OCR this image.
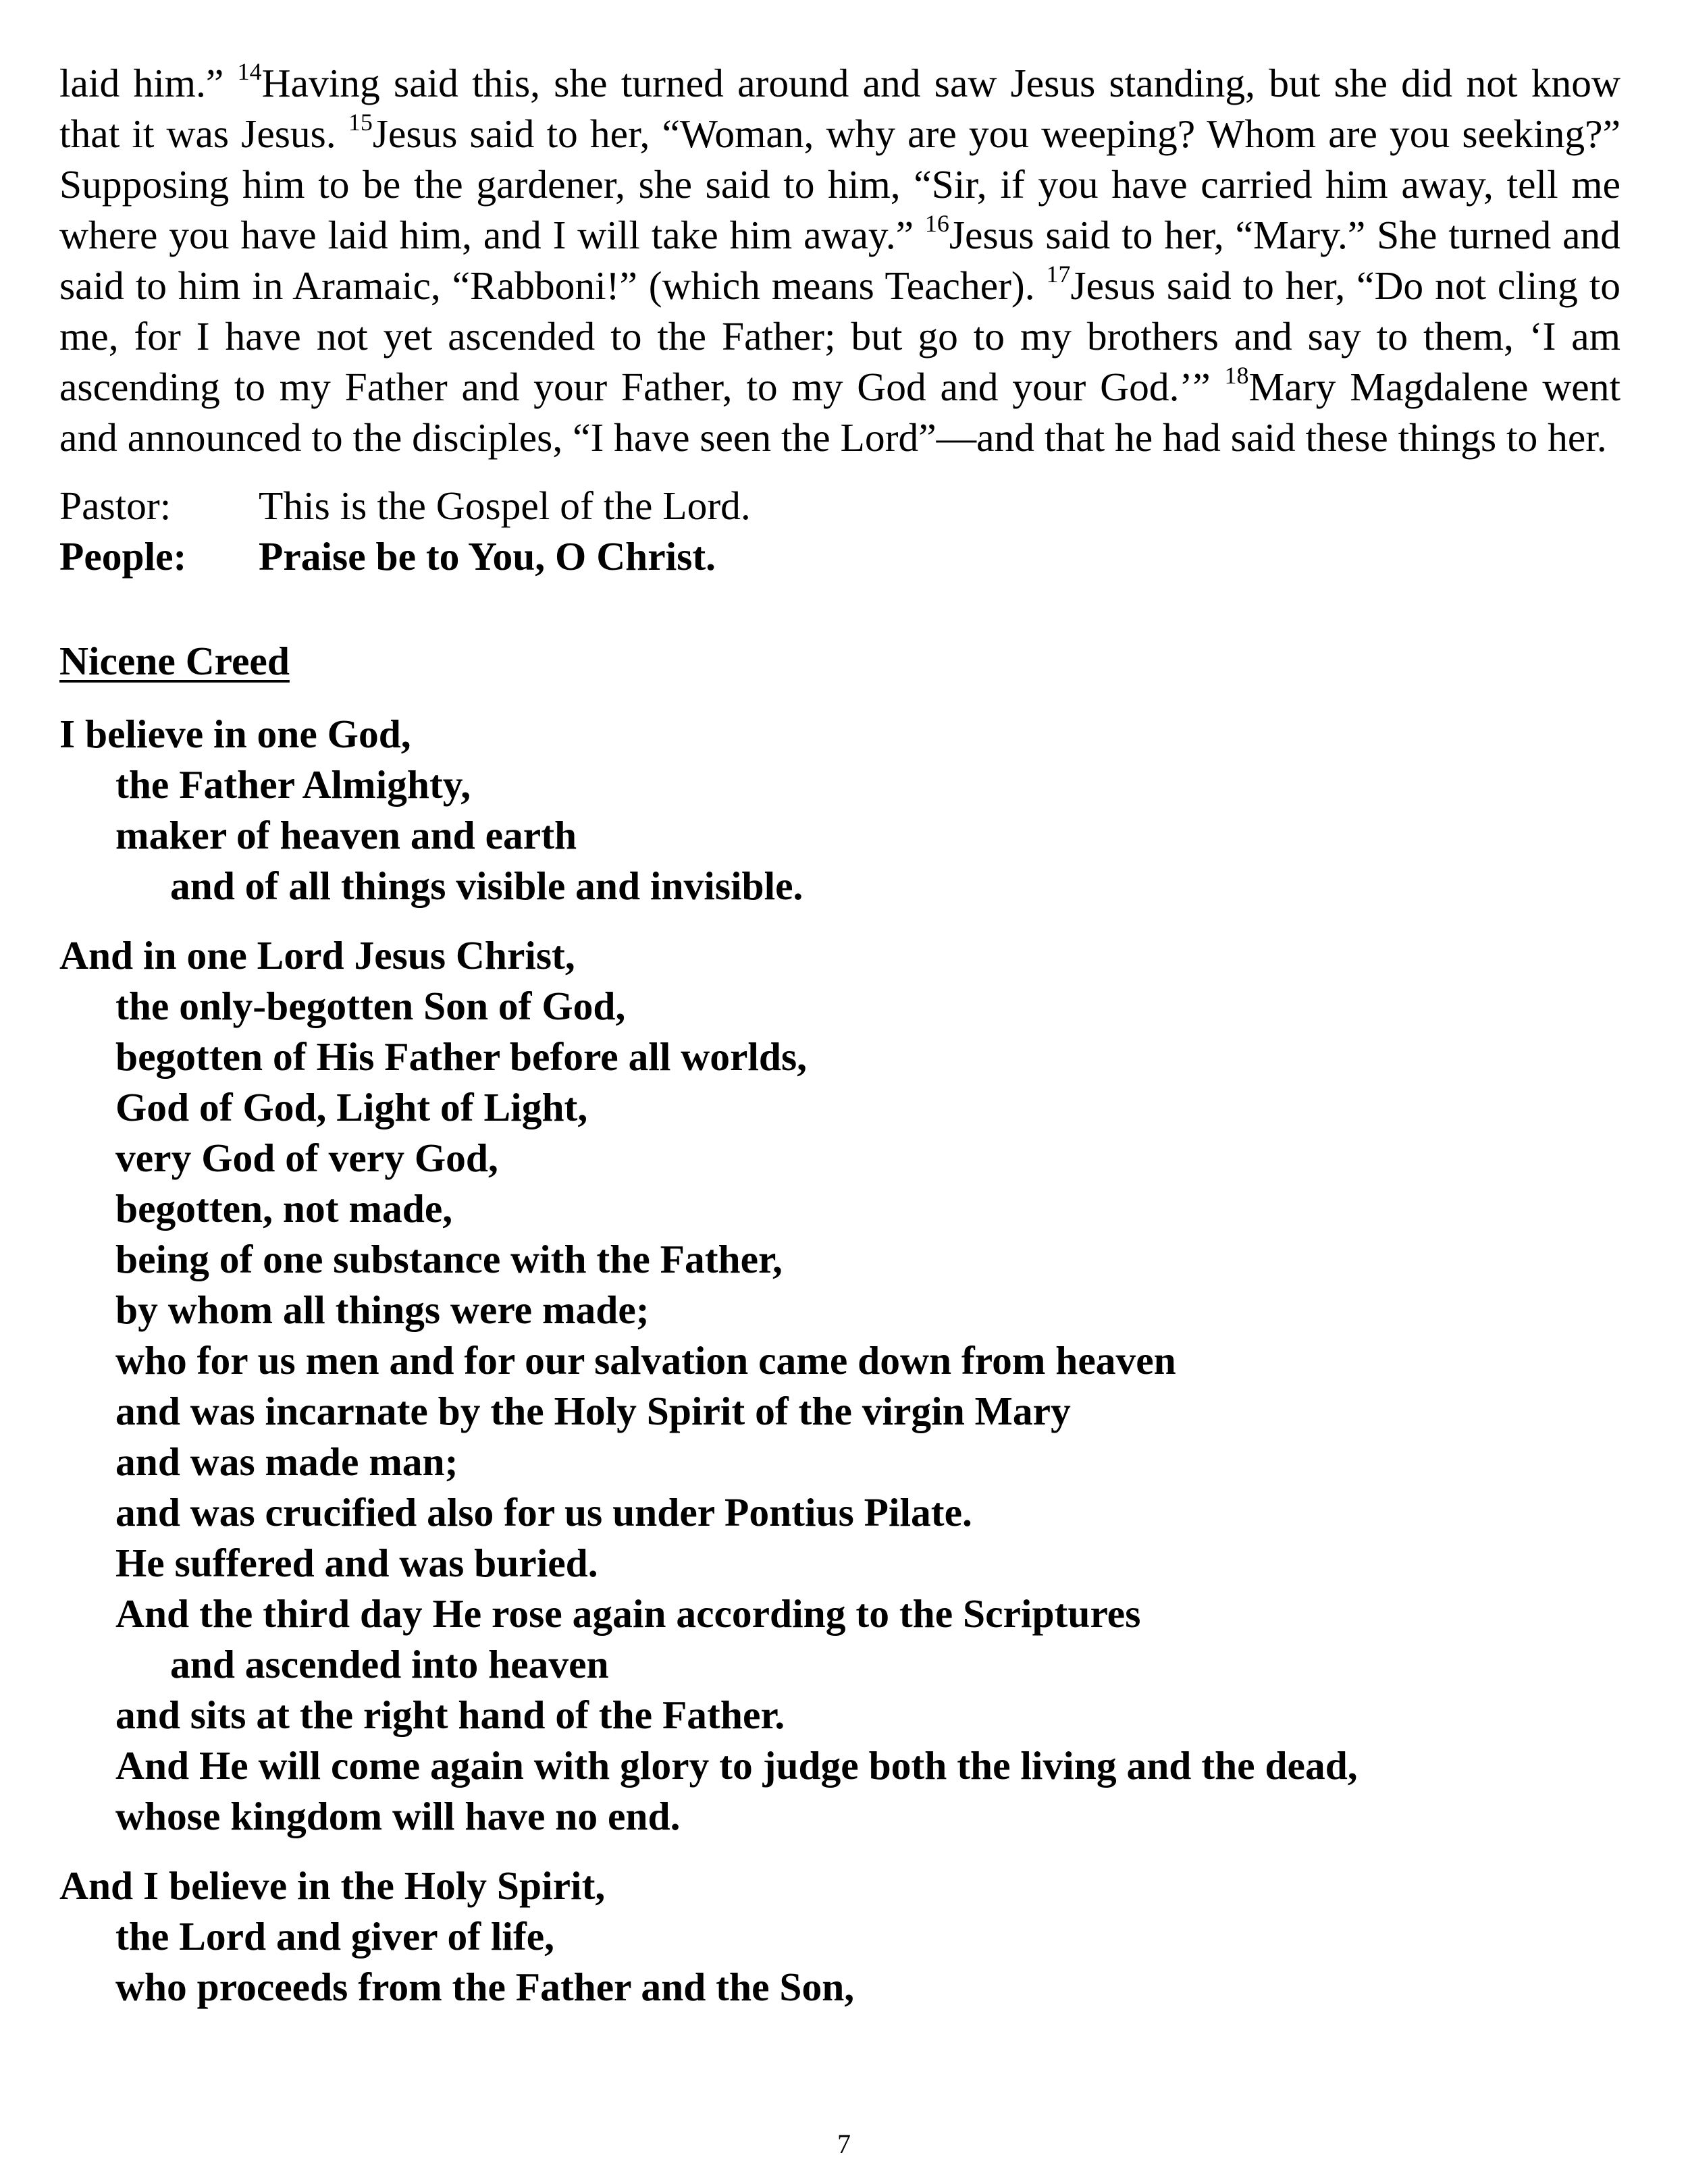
laid him.” $^{14}$Having said this, she turned around and saw Jesus standing, but she did not know that it was Jesus. $^{15}$Jesus said to her, “Woman, why are you weeping? Whom are you seeking?” Supposing him to be the gardener, she said to him, “Sir, if you have carried him away, tell me where you have laid him, and I will take him away.” $^{16}$Jesus said to her, “Mary.” She turned and said to him in Aramaic, “Rabboni!” (which means Teacher). $^{17}$Jesus said to her, “Do not cling to me, for I have not yet ascended to the Father; but go to my brothers and say to them, ‘I am ascending to my Father and your Father, to my God and your God.’” $^{18}$Mary Magdalene went and announced to the disciples, “I have seen the Lord”—and that he had said these things to her.

Pastor:	This is the Gospel of the Lord.
People:	Praise be to You, O Christ.
Nicene Creed
I believe in one God,
the Father Almighty,
maker of heaven and earth
and of all things visible and invisible.
And in one Lord Jesus Christ,
the only-begotten Son of God,
begotten of His Father before all worlds,
God of God, Light of Light,
very God of very God,
begotten, not made,
being of one substance with the Father,
by whom all things were made;
who for us men and for our salvation came down from heaven
and was incarnate by the Holy Spirit of the virgin Mary
and was made man;
and was crucified also for us under Pontius Pilate.
He suffered and was buried.
And the third day He rose again according to the Scriptures
and ascended into heaven
and sits at the right hand of the Father.
And He will come again with glory to judge both the living and the dead,
whose kingdom will have no end.
And I believe in the Holy Spirit,
the Lord and giver of life,
who proceeds from the Father and the Son,
7
